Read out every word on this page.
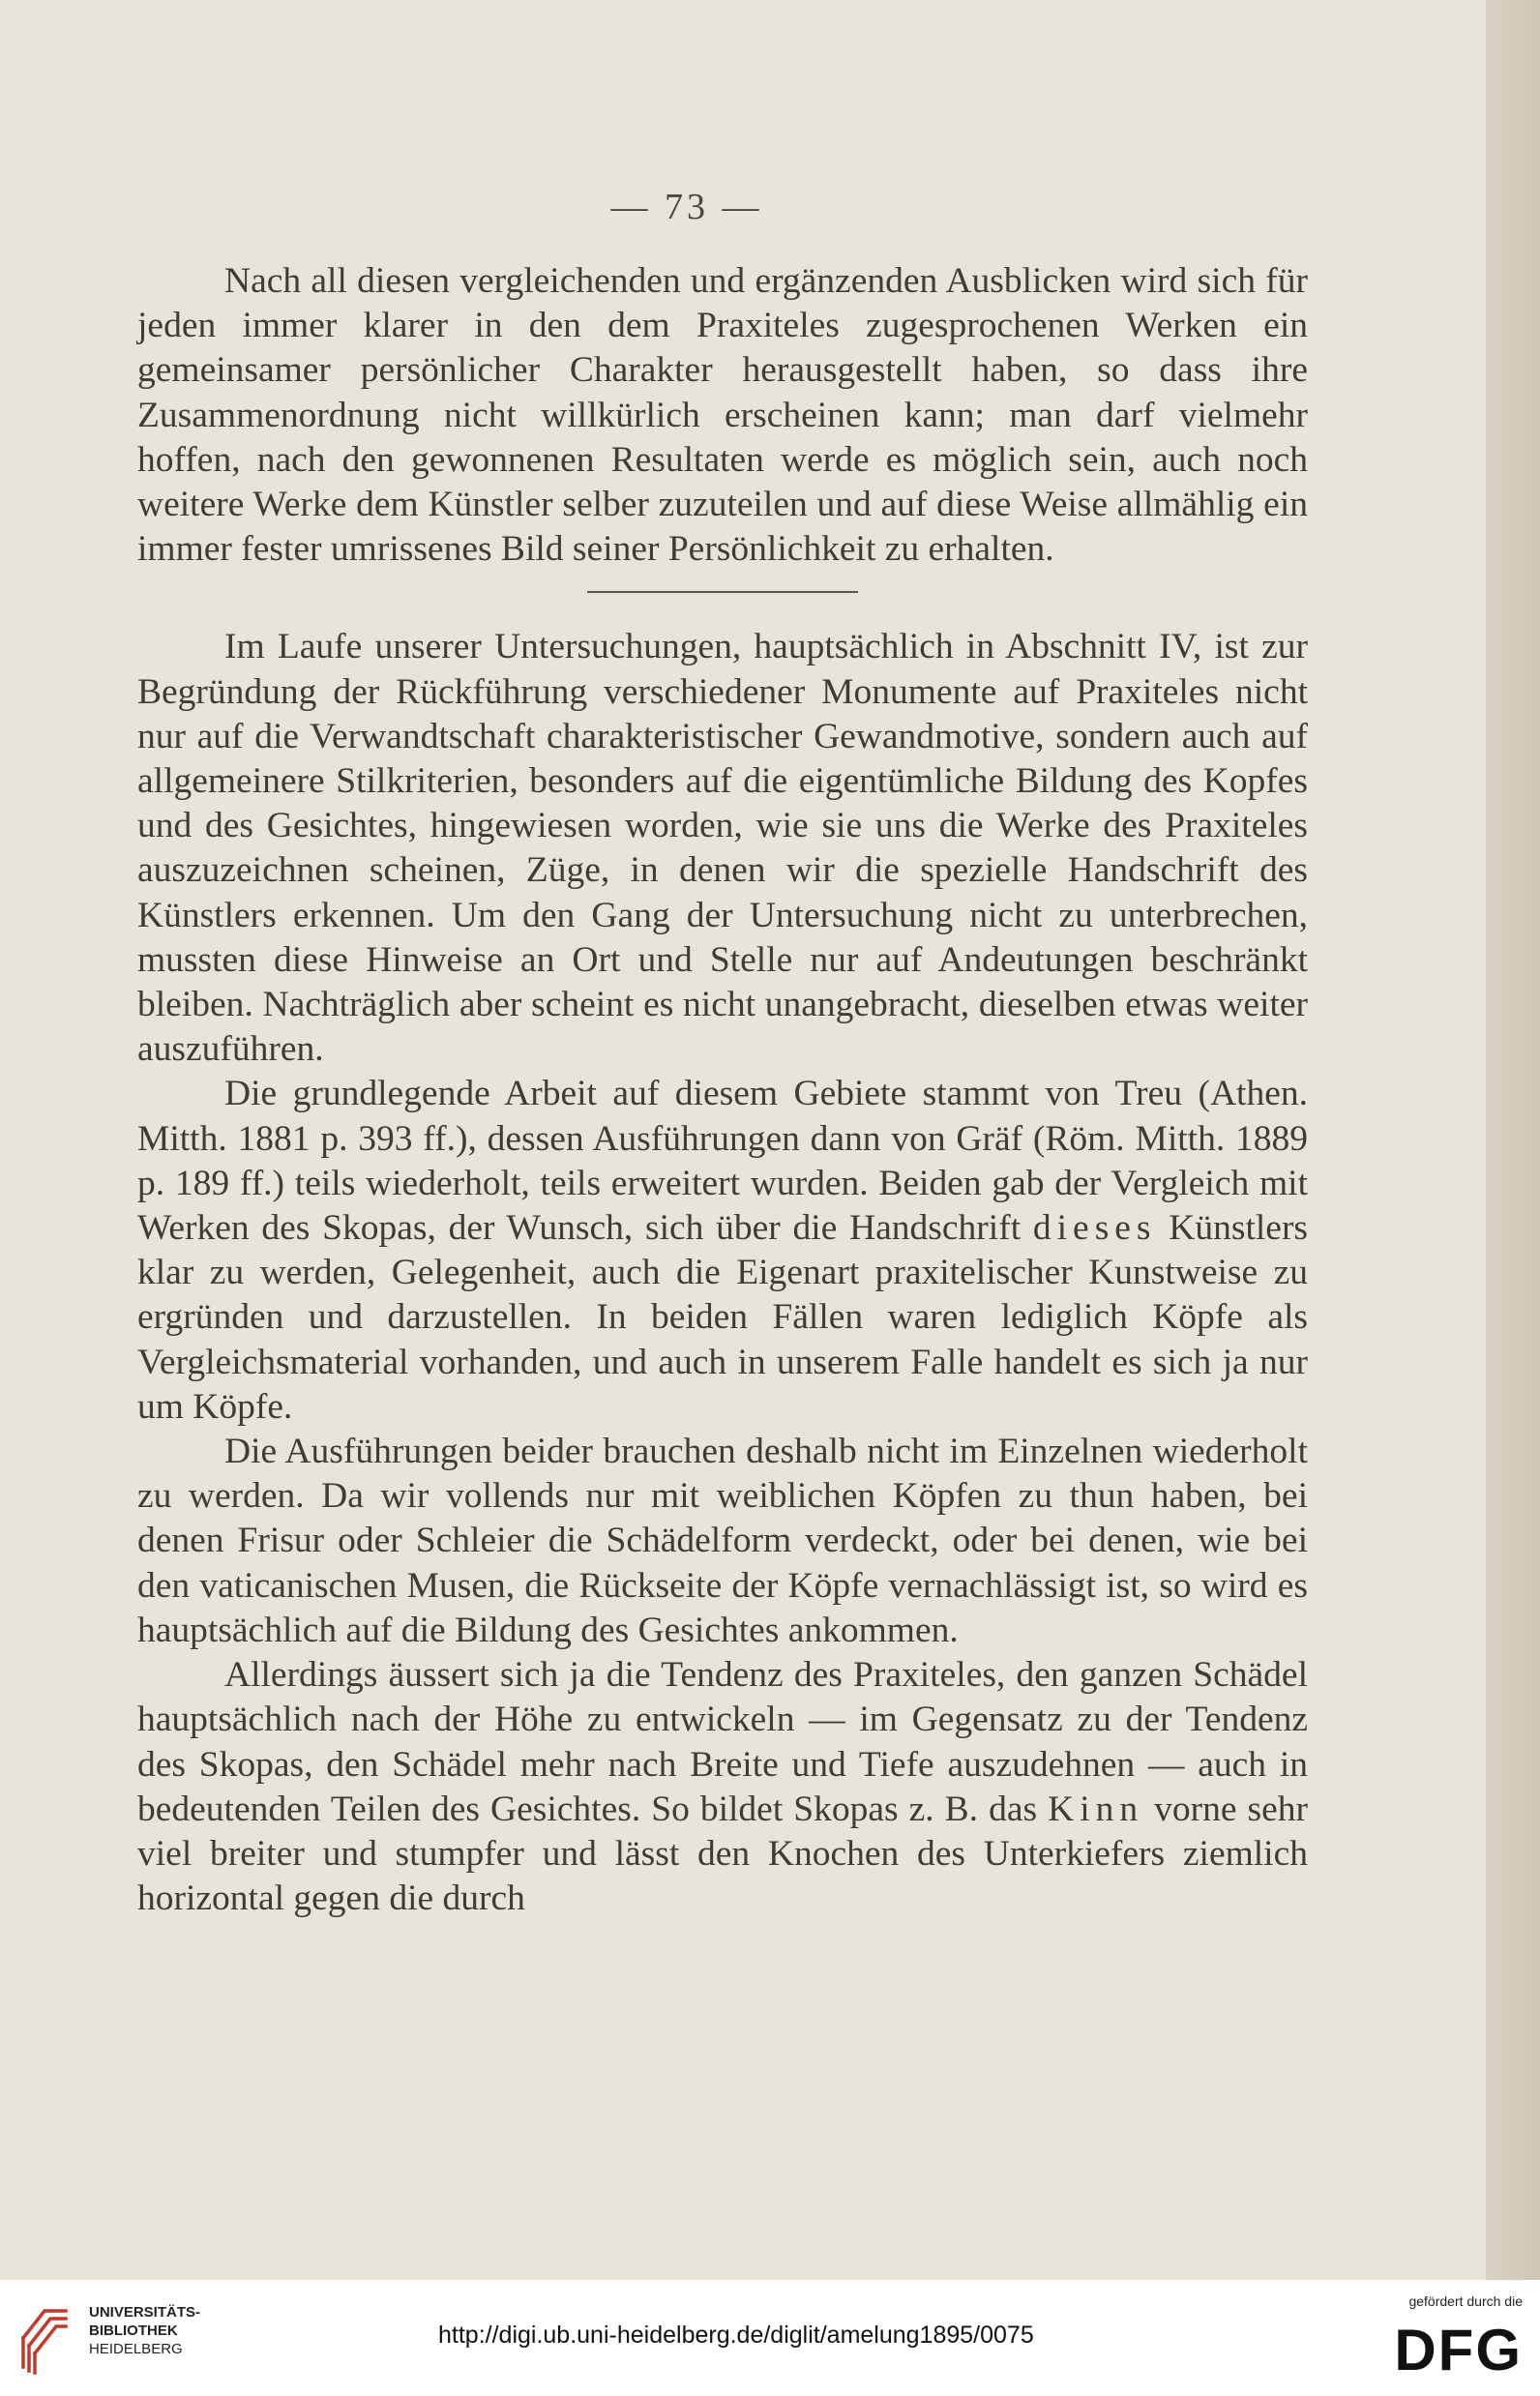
— 73 —

Nach all diesen vergleichenden und ergänzenden Ausblicken wird sich für jeden immer klarer in den dem Praxiteles zugesprochenen Werken ein gemeinsamer persönlicher Charakter herausgestellt haben, so dass ihre Zusammenordnung nicht willkürlich erscheinen kann; man darf vielmehr hoffen, nach den gewonnenen Resultaten werde es möglich sein, auch noch weitere Werke dem Künstler selber zuzuteilen und auf diese Weise allmählig ein immer fester umrissenes Bild seiner Persönlichkeit zu erhalten.

Im Laufe unserer Untersuchungen, hauptsächlich in Abschnitt IV, ist zur Begründung der Rückführung verschiedener Monumente auf Praxiteles nicht nur auf die Verwandtschaft charakteristischer Gewandmotive, sondern auch auf allgemeinere Stilkriterien, besonders auf die eigentümliche Bildung des Kopfes und des Gesichtes, hingewiesen worden, wie sie uns die Werke des Praxiteles auszuzeichnen scheinen, Züge, in denen wir die spezielle Handschrift des Künstlers erkennen. Um den Gang der Untersuchung nicht zu unterbrechen, mussten diese Hinweise an Ort und Stelle nur auf Andeutungen beschränkt bleiben. Nachträglich aber scheint es nicht unangebracht, dieselben etwas weiter auszuführen.

Die grundlegende Arbeit auf diesem Gebiete stammt von Treu (Athen. Mitth. 1881 p. 393 ff.), dessen Ausführungen dann von Gräf (Röm. Mitth. 1889 p. 189 ff.) teils wiederholt, teils erweitert wurden. Beiden gab der Vergleich mit Werken des Skopas, der Wunsch, sich über die Handschrift dieses Künstlers klar zu werden, Gelegenheit, auch die Eigenart praxitelischer Kunstweise zu ergründen und darzustellen. In beiden Fällen waren lediglich Köpfe als Vergleichsmaterial vorhanden, und auch in unserem Falle handelt es sich ja nur um Köpfe.

Die Ausführungen beider brauchen deshalb nicht im Einzelnen wiederholt zu werden. Da wir vollends nur mit weiblichen Köpfen zu thun haben, bei denen Frisur oder Schleier die Schädelform verdeckt, oder bei denen, wie bei den vaticanischen Musen, die Rückseite der Köpfe vernachlässigt ist, so wird es hauptsächlich auf die Bildung des Gesichtes ankommen.

Allerdings äussert sich ja die Tendenz des Praxiteles, den ganzen Schädel hauptsächlich nach der Höhe zu entwickeln — im Gegensatz zu der Tendenz des Skopas, den Schädel mehr nach Breite und Tiefe auszudehnen — auch in bedeutenden Teilen des Gesichtes. So bildet Skopas z. B. das Kinn vorne sehr viel breiter und stumpfer und lässt den Knochen des Unterkiefers ziemlich horizontal gegen die durch

UNIVERSITÄTS-
BIBLIOTHEK
HEIDELBERG
http://digi.ub.uni-heidelberg.de/diglit/amelung1895/0075
gefördert durch die
DFG
